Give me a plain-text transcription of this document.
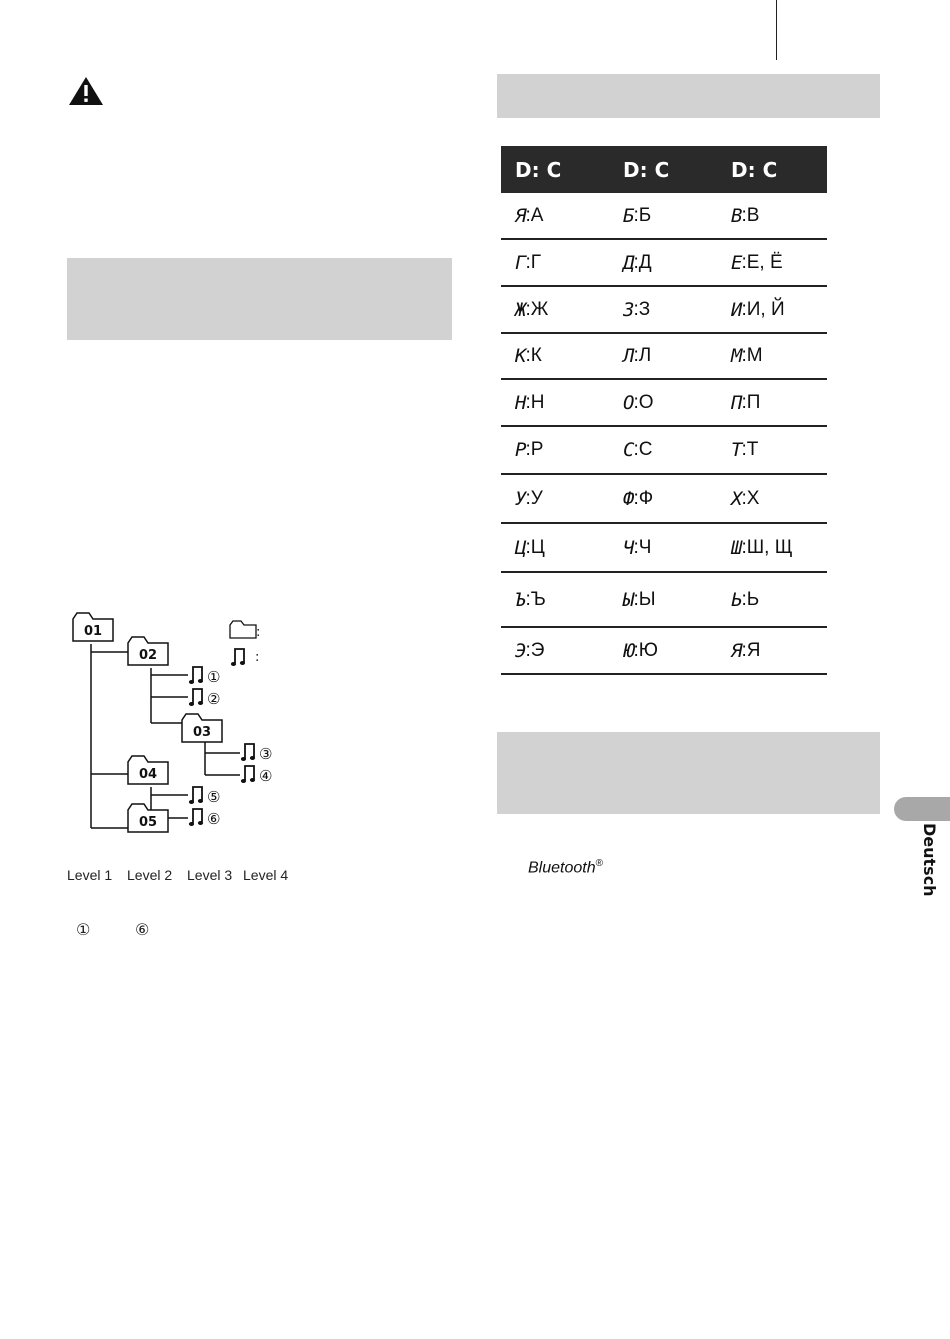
D: C	D: C	D: C
Я : А	Б : Б	В : В
Г : Г	Д : Д	Е : Е, Ё
Ж : Ж	З : З	И : И, Й
К : К	Л : Л	М : М
Н : Н	О : О	П : П
Р : Р	С : С	Т : Т
У : У	Ф : Ф	Х : Х
Ц : Ц	Ч : Ч	Ш : Ш, Щ
Ъ : Ъ	Ы : Ы	Ь : Ь
Э : Э	Ю : Ю	Я : Я
01
02
03
04
05
①
②
③
④
⑤
⑥
:
:
Level 1 Level 2 Level 3 Level 4
①	⑥
Bluetooth®	Deutsch
